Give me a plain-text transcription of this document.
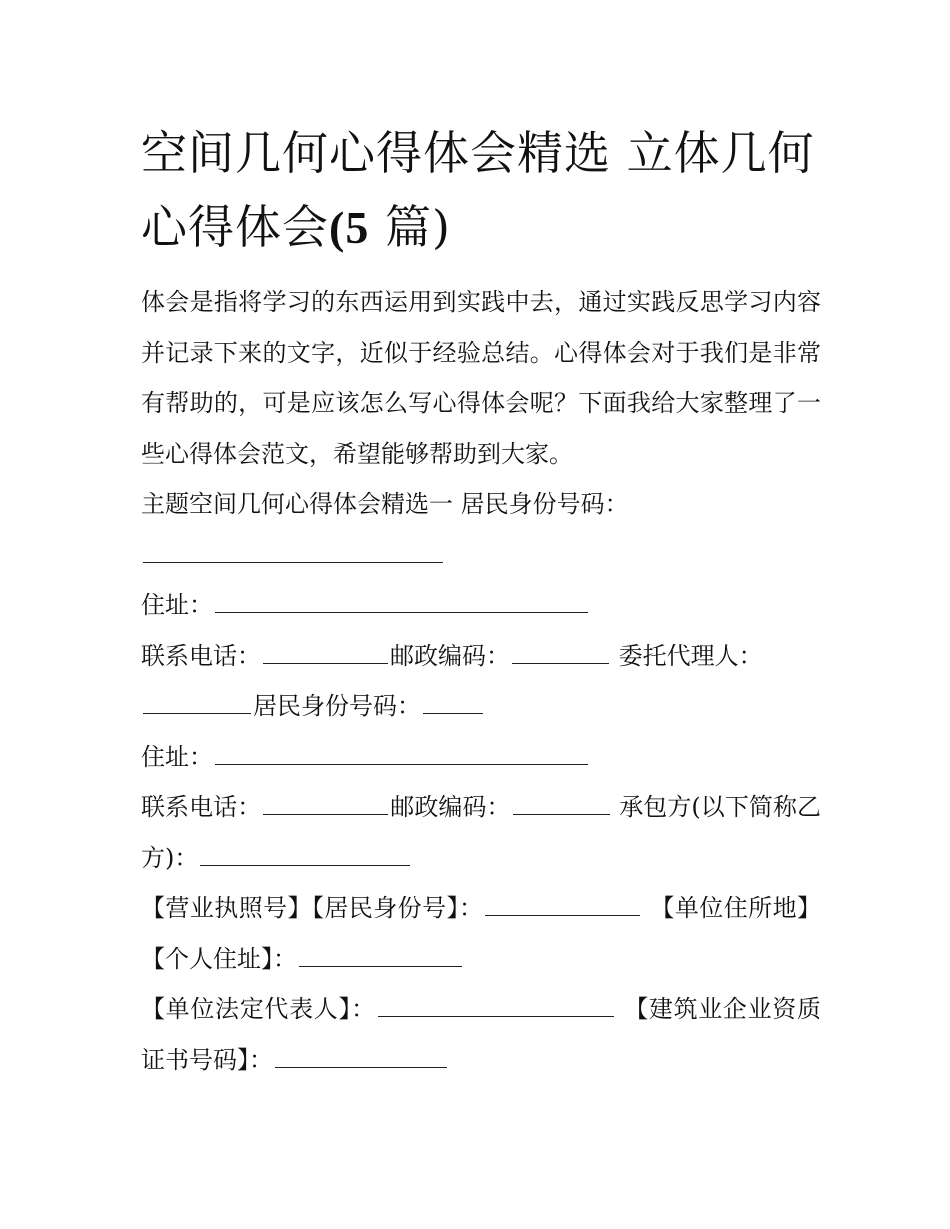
空间几何心得体会精选 立体几何心得体会(5 篇)

体会是指将学习的东西运用到实践中去，通过实践反思学习内容并记录下来的文字，近似于经验总结。心得体会对于我们是非常有帮助的，可是应该怎么写心得体会呢？下面我给大家整理了一些心得体会范文，希望能够帮助到大家。

主题空间几何心得体会精选一 居民身份号码：

住址：

联系电话：	邮政编码：	委托代理人：
居民身份号码：

住址：

联系电话：	邮政编码：	承包方(以下简称乙方)：

【营业执照号】【居民身份号】：	【单位住所地】【个人住址】：

【单位法定代表人】：	【建筑业企业资质证书号码】：
